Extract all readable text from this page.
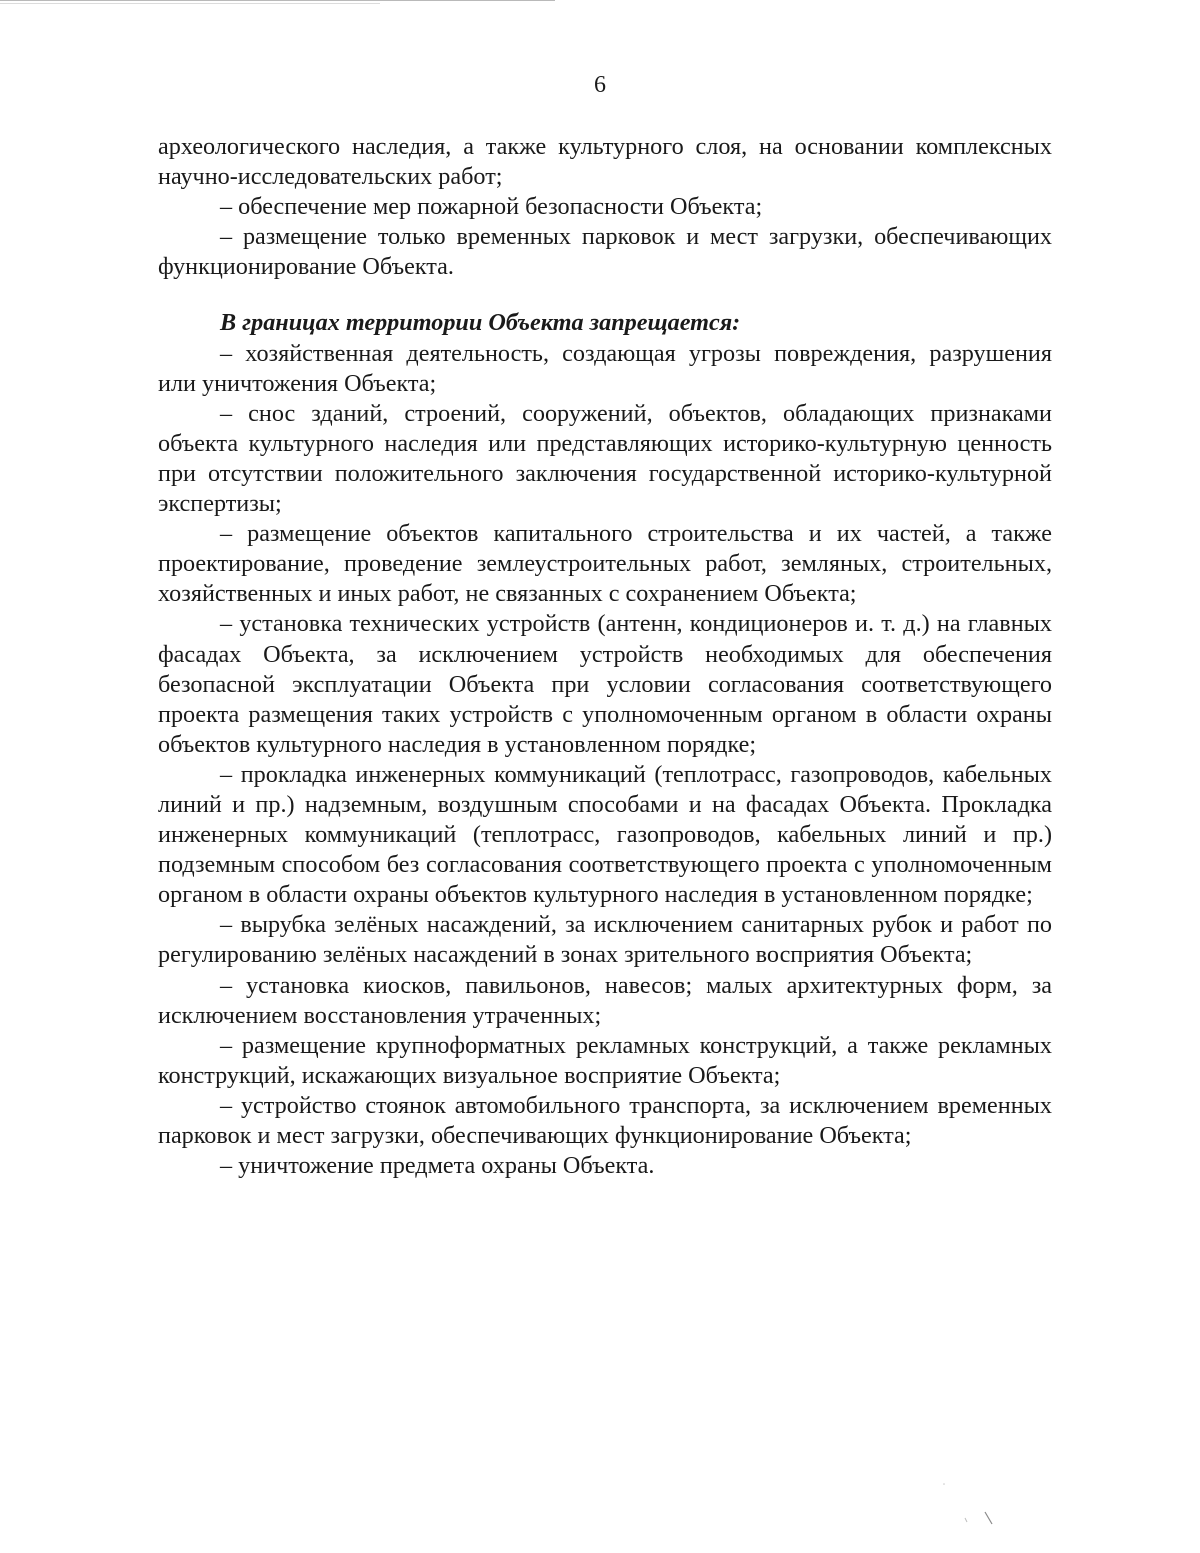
6

археологического наследия, а также культурного слоя, на основании комплексных научно-исследовательских работ;

– обеспечение мер пожарной безопасности Объекта;

– размещение только временных парковок и мест загрузки, обеспечивающих функционирование Объекта.

В границах территории Объекта запрещается:

– хозяйственная деятельность, создающая угрозы повреждения, разрушения или уничтожения Объекта;

– снос зданий, строений, сооружений, объектов, обладающих признаками объекта культурного наследия или представляющих историко-культурную ценность при отсутствии положительного заключения государственной историко-культурной экспертизы;

– размещение объектов капитального строительства и их частей, а также проектирование, проведение землеустроительных работ, земляных, строительных, хозяйственных и иных работ, не связанных с сохранением Объекта;

– установка технических устройств (антенн, кондиционеров и. т. д.) на главных фасадах Объекта, за исключением устройств необходимых для обеспечения безопасной эксплуатации Объекта при условии согласования соответствующего проекта размещения таких устройств с уполномоченным органом в области охраны объектов культурного наследия в установленном порядке;

– прокладка инженерных коммуникаций (теплотрасс, газопроводов, кабельных линий и пр.) надземным, воздушным способами и на фасадах Объекта. Прокладка инженерных коммуникаций (теплотрасс, газопроводов, кабельных линий и пр.) подземным способом без согласования соответствующего проекта с уполномоченным органом в области охраны объектов культурного наследия в установленном порядке;

– вырубка зелёных насаждений, за исключением санитарных рубок и работ по регулированию зелёных насаждений в зонах зрительного восприятия Объекта;

– установка киосков, павильонов, навесов; малых архитектурных форм, за исключением восстановления утраченных;

– размещение крупноформатных рекламных конструкций, а также рекламных конструкций, искажающих визуальное восприятие Объекта;

– устройство стоянок автомобильного транспорта, за исключением временных парковок и мест загрузки, обеспечивающих функционирование Объекта;

– уничтожение предмета охраны Объекта.
